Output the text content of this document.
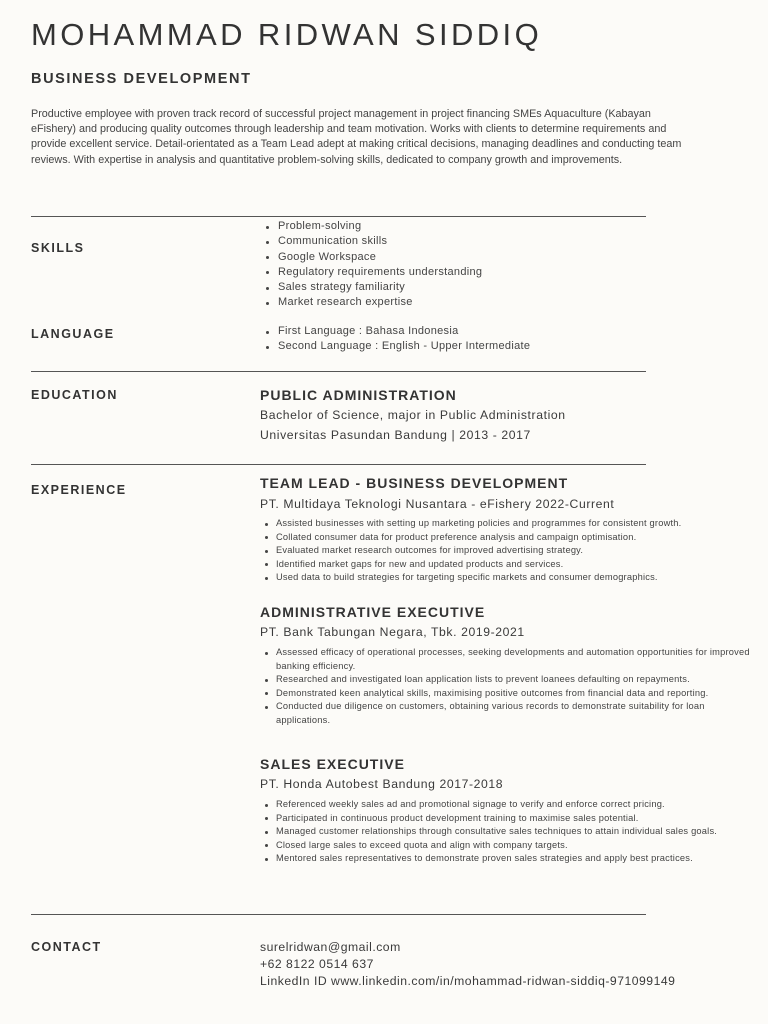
MOHAMMAD RIDWAN SIDDIQ
BUSINESS DEVELOPMENT

Productive employee with proven track record of successful project management in project financing SMEs Aquaculture (Kabayan eFishery) and producing quality outcomes through leadership and team motivation. Works with clients to determine requirements and provide excellent service. Detail-orientated as a Team Lead adept at making critical decisions, managing deadlines and conducting team reviews. With expertise in analysis and quantitative problem-solving skills, dedicated to company growth and improvements.

SKILLS
Problem-solving
Communication skills
Google Workspace
Regulatory requirements understanding
Sales strategy familiarity
Market research expertise
LANGUAGE	First Language : Bahasa Indonesia
Second Language : English - Upper Intermediate
EDUCATION	PUBLIC ADMINISTRATION

Bachelor of Science, major in Public Administration

Universitas Pasundan Bandung | 2013 - 2017

EXPERIENCE	TEAM LEAD - BUSINESS DEVELOPMENT

PT. Multidaya Teknologi Nusantara - eFishery 2022-Current

Assisted businesses with setting up marketing policies and programmes for consistent growth.
Collated consumer data for product preference analysis and campaign optimisation.
Evaluated market research outcomes for improved advertising strategy.
Identified market gaps for new and updated products and services.
Used data to build strategies for targeting specific markets and consumer demographics.
ADMINISTRATIVE EXECUTIVE

PT. Bank Tabungan Negara, Tbk. 2019-2021

Assessed efficacy of operational processes, seeking developments and automation opportunities for improved banking efficiency.
Researched and investigated loan application lists to prevent loanees defaulting on repayments.
Demonstrated keen analytical skills, maximising positive outcomes from financial data and reporting.
Conducted due diligence on customers, obtaining various records to demonstrate suitability for loan applications.
SALES EXECUTIVE

PT. Honda Autobest Bandung 2017-2018

Referenced weekly sales ad and promotional signage to verify and enforce correct pricing.
Participated in continuous product development training to maximise sales potential.
Managed customer relationships through consultative sales techniques to attain individual sales goals.
Closed large sales to exceed quota and align with company targets.
Mentored sales representatives to demonstrate proven sales strategies and apply best practices.
CONTACT	surelridwan@gmail.com

+62 8122 0514 637

LinkedIn ID www.linkedin.com/in/mohammad-ridwan-siddiq-971099149
